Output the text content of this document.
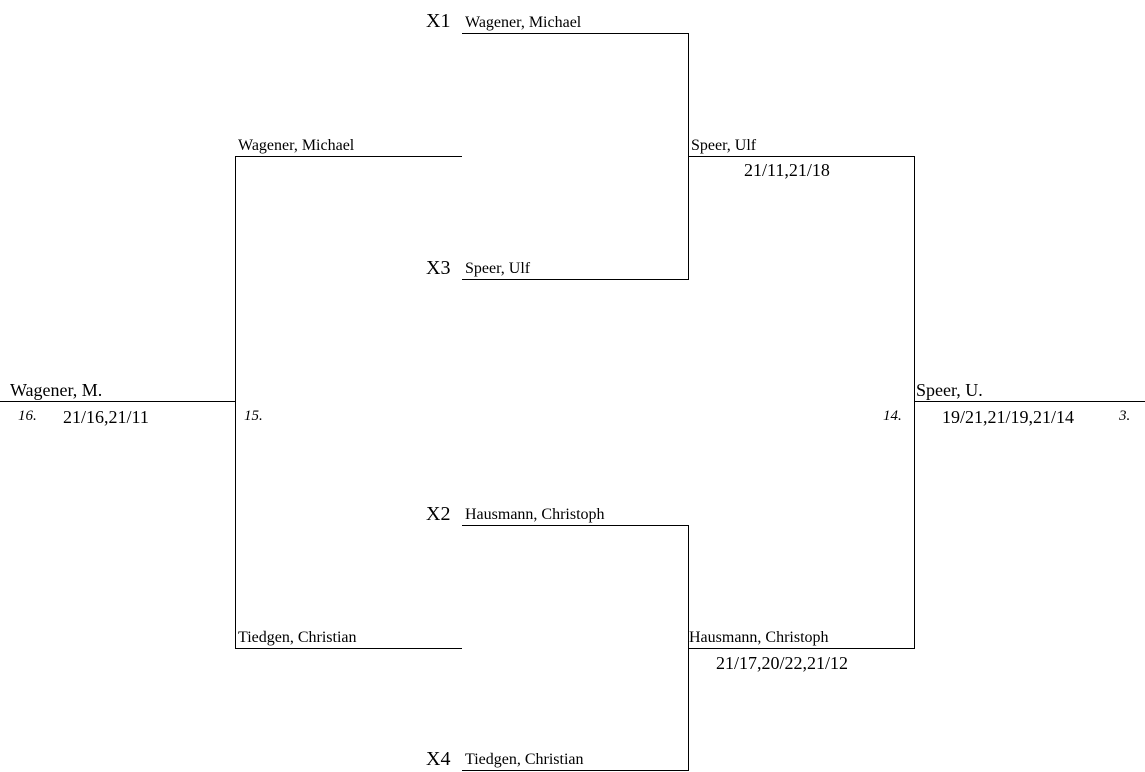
X1
X3
X2
X4
Wagener, Michael
Speer, Ulf
Hausmann, Christoph
Tiedgen, Christian
Speer, Ulf
21/11,21/18
Hausmann, Christoph
21/17,20/22,21/12
Wagener, Michael
Tiedgen, Christian
15.	14.
Speer, U.
19/21,21/19,21/14	3.
Wagener, M.
16. 21/16,21/11
